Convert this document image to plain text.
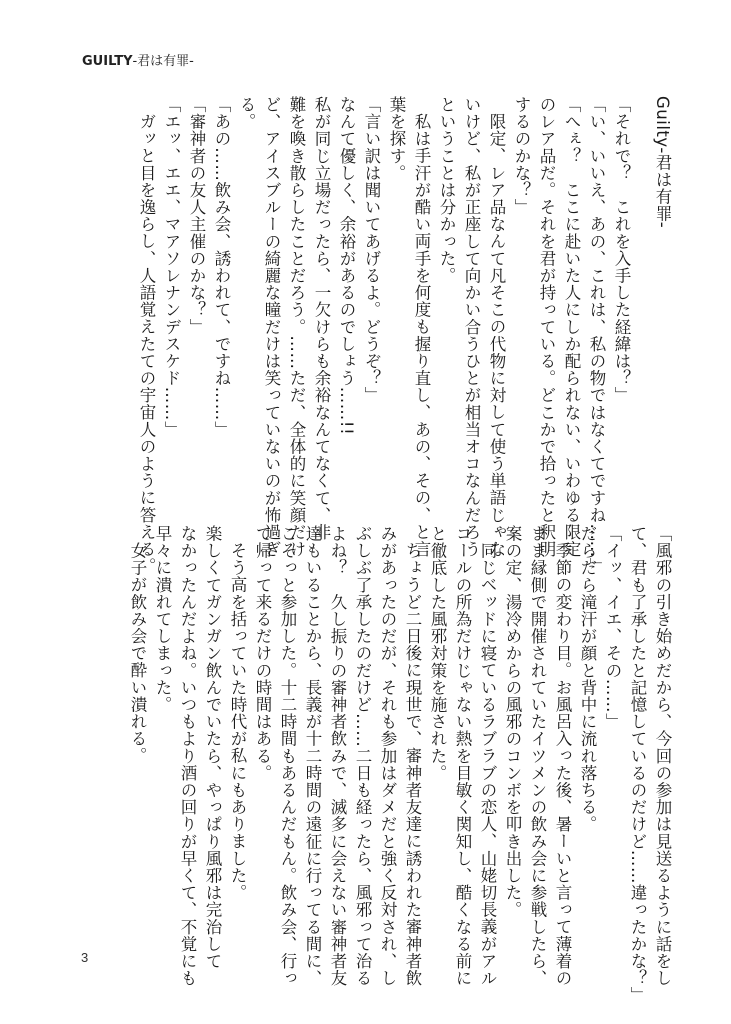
GUILTY-君は有罪-
Guilty-君は有罪-
「それで？　これを入手した経緯は？」
「い、いいえ、あの、これは、私の物ではなくてですね……」
「へぇ？　ここに赴いた人にしか配られない、いわゆる限定
のレア品だ。それを君が持っている。どこかで拾ったと釈明
するのかな？」
限定、レア品なんて凡そこの代物に対して使う単語じゃな
いけど、私が正座して向かい合うひとが相当オコなんだろう
ということは分かった。
私は手汗が酷い両手を何度も握り直し、あの、その、と言
葉を探す。
「言い訳は聞いてあげるよ。どうぞ？」
なんて優しく、余裕があるのでしょう……!!
私が同じ立場だったら、一欠けらも余裕なんてなくて、非
難を喚き散らしたことだろう。……ただ、全体的に笑顔だけ
ど、アイスブルーの綺麗な瞳だけは笑っていないのが怖過ぎ
る。
「あの……飲み会、誘われて、ですね……」
「審神者の友人主催のかな？」
「エッ、エエ、マアソレナンデスケド……」
ガッと目を逸らし、人語覚えたての宇宙人のように答える。
「風邪の引き始めだから、今回の参加は見送るように話をし
て、君も了承したと記憶しているのだけど……違ったかな？」
「イッ、イエ、その……」
だらだら滝汗が顔と背中に流れ落ちる。
季節の変わり目。お風呂入った後、暑ーいと言って薄着の
まま縁側で開催されていたイツメンの飲み会に参戦したら、
案の定、湯冷めからの風邪のコンボを叩き出した。
同じベッドに寝ているラブラブの恋人、山姥切長義がアル
コールの所為だけじゃない熱を目敏く関知し、酷くなる前に
と徹底した風邪対策を施された。
ちょうど二日後に現世で、審神者友達に誘われた審神者飲
みがあったのだが、それも参加はダメだと強く反対され、し
ぶしぶ了承したのだけど……二日も経ったら、風邪って治る
よね？　久し振りの審神者飲みで、滅多に会えない審神者友
達もいることから、長義が十二時間の遠征に行ってる間に、
こそっと参加した。十二時間もあるんだもん。飲み会、行っ
て帰って来るだけの時間はある。
そう高を括っていた時代が私にもありました。
楽しくてガンガン飲んでいたら、やっぱり風邪は完治して
なかったんだよね。いつもより酒の回りが早くて、不覚にも
早々に潰れてしまった。
女子が飲み会で酔い潰れる。
3
